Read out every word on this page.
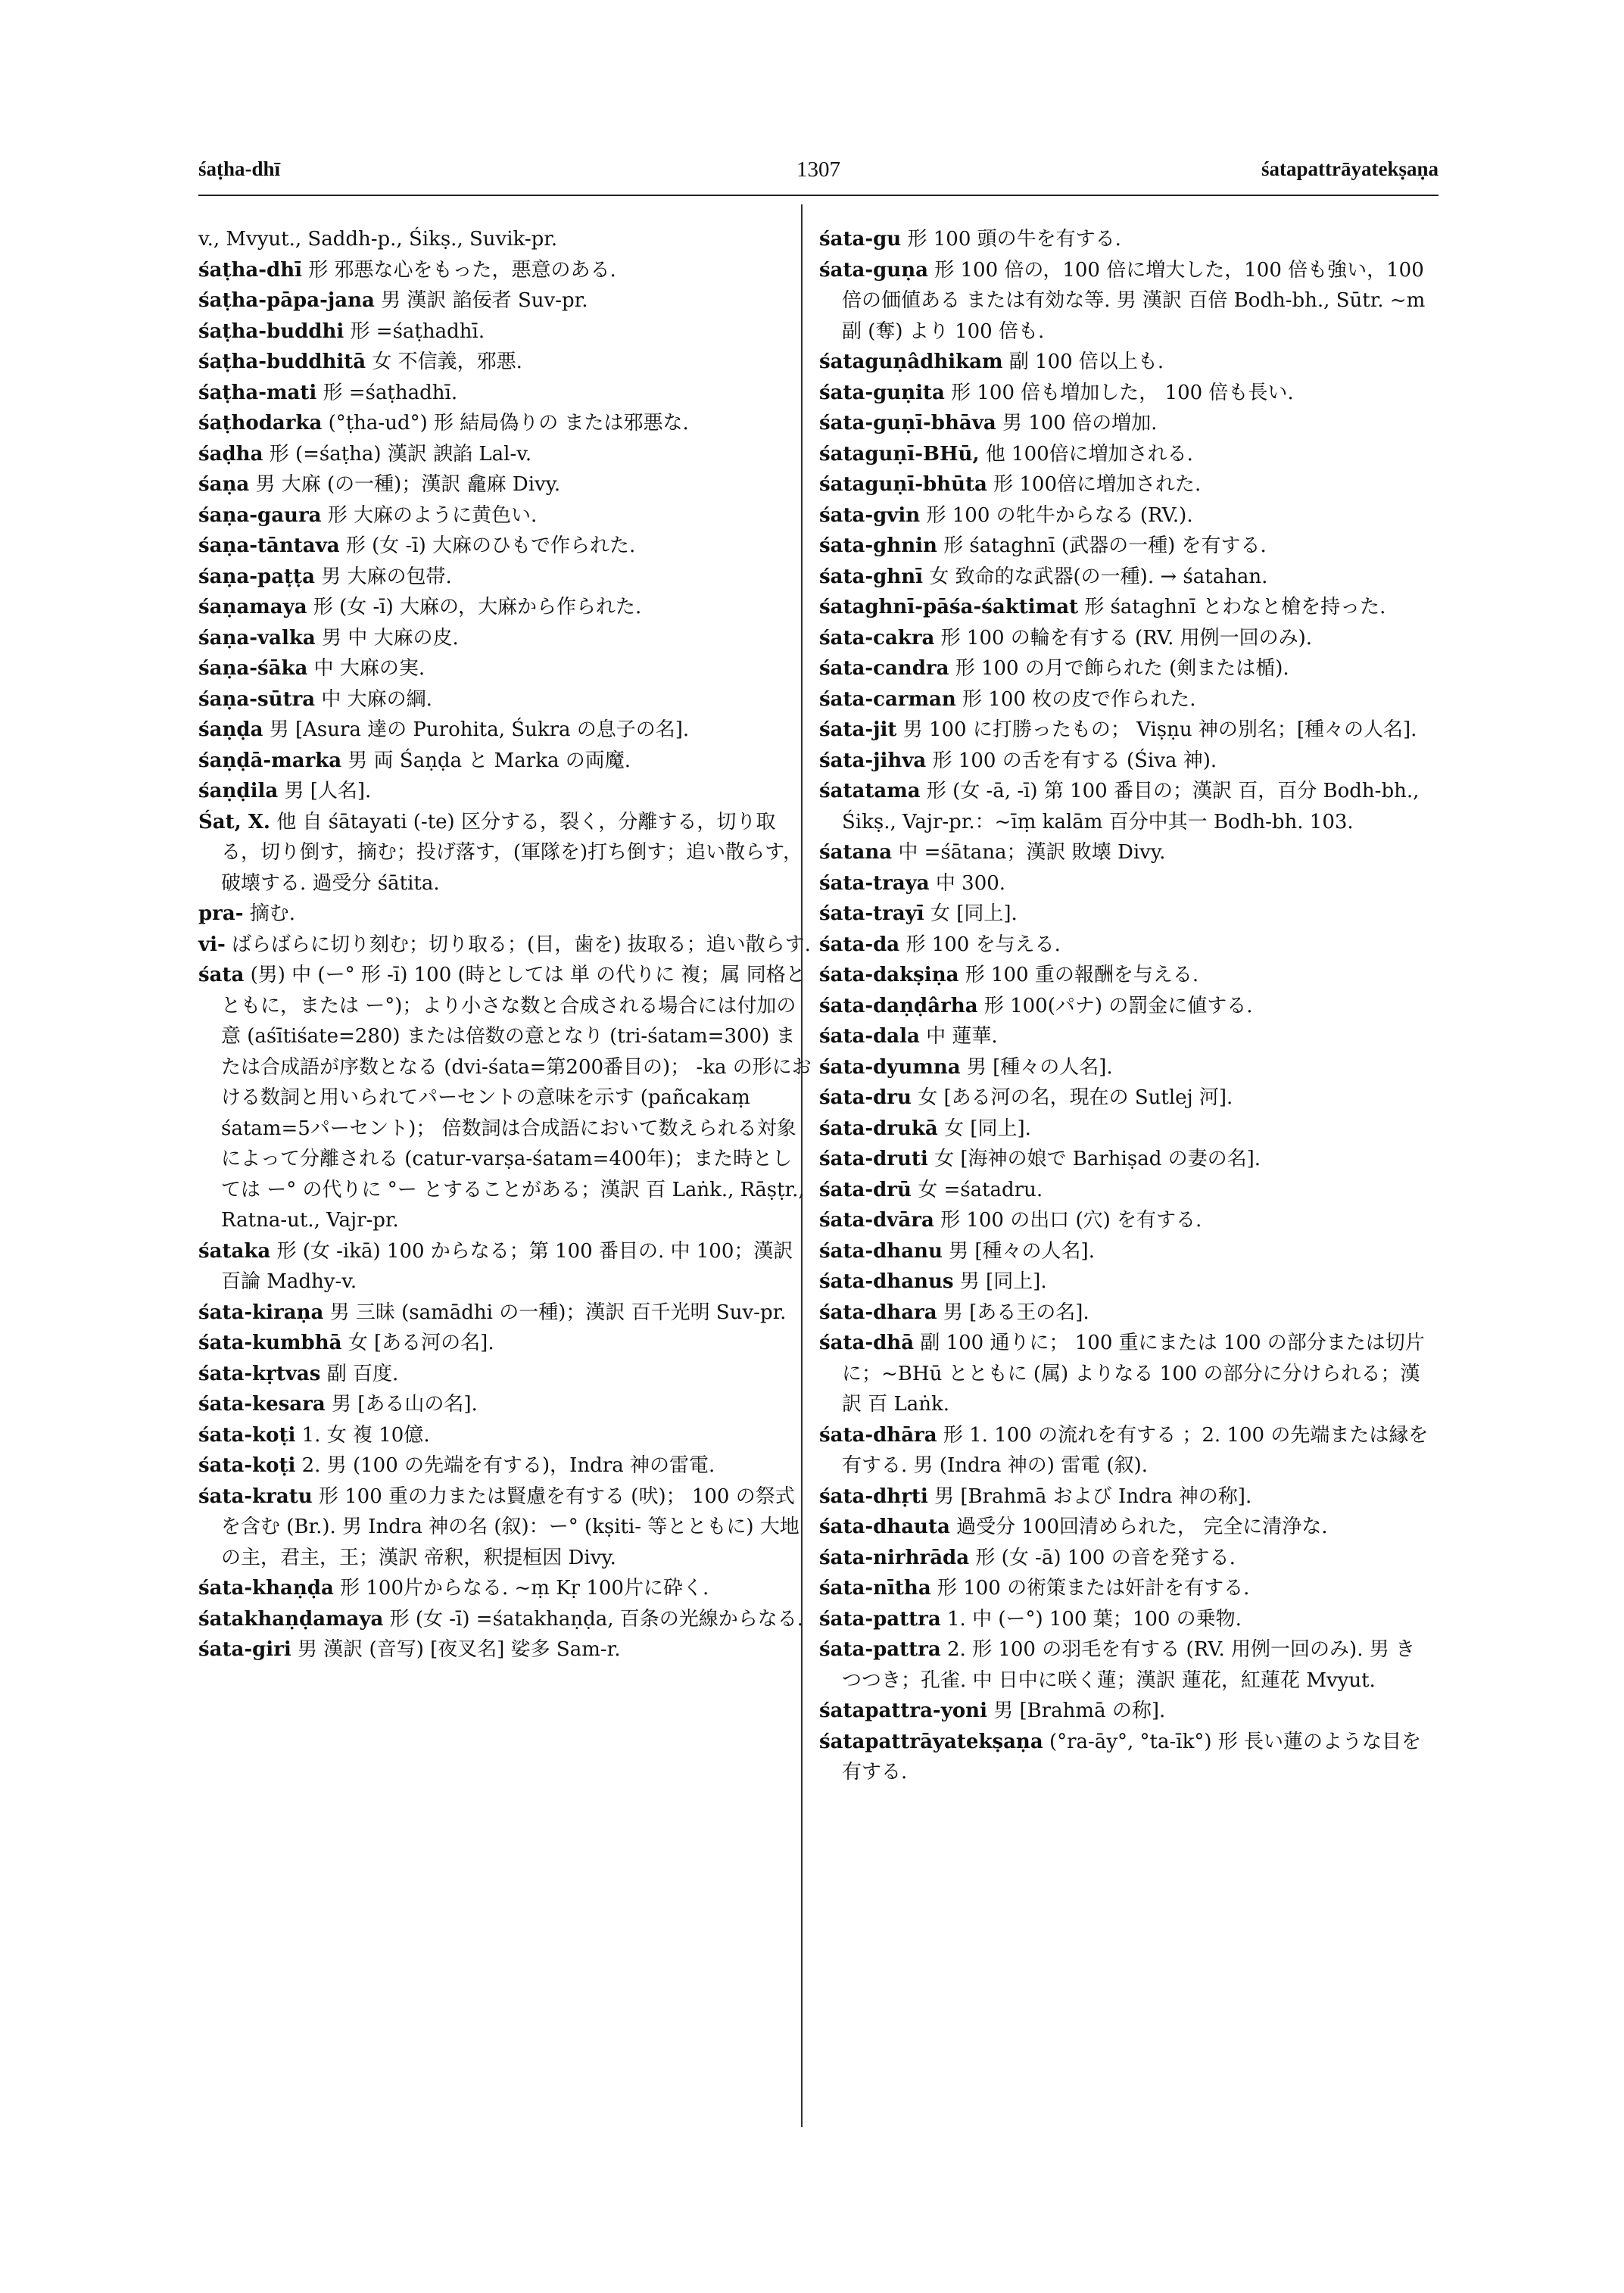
śaṭha-dhī	1307	śatapattrāyatekṣaṇa

v., Mvyut., Saddh-p., Śikṣ., Suvik-pr.

śaṭha-dhī 形 邪悪な心をもった，悪意のある.

śaṭha-pāpa-jana 男 漢訳 諂佞者 Suv-pr.

śaṭha-buddhi 形 =śaṭhadhī.

śaṭha-buddhitā 女 不信義，邪悪.

śaṭha-mati 形 =śaṭhadhī.

śaṭhodarka (°ṭha-ud°) 形 結局偽りの または邪悪な.

śaḍha 形 (=śaṭha) 漢訳 諛諂 Lal-v.

śaṇa 男 大麻 (の一種)；漢訳 龕麻 Divy.

śaṇa-gaura 形 大麻のように黄色い.

śaṇa-tāntava 形 (女 -ī) 大麻のひもで作られた.

śaṇa-paṭṭa 男 大麻の包帯.

śaṇamaya 形 (女 -ī) 大麻の，大麻から作られた.

śaṇa-valka 男 中 大麻の皮.

śaṇa-śāka 中 大麻の実.

śaṇa-sūtra 中 大麻の綱.

śaṇḍa 男 [Asura 達の Purohita, Śukra の息子の名].

śaṇḍā-marka 男 両 Śaṇḍa と Marka の両魔.

śaṇḍila 男 [人名].

Śat, X. 他 自 śātayati (-te) 区分する，裂く，分離する，切り取る，切り倒す，摘む；投げ落す，(軍隊を)打ち倒す；追い散らす，破壊する. 過受分 śātita.

pra- 摘む.

vi- ばらばらに切り刻む；切り取る；(目，歯を) 抜取る；追い散らす.

śata (男) 中 (ー° 形 -ī) 100 (時としては 単 の代りに 複；属 同格とともに，または ー°)；より小さな数と合成される場合には付加の意 (aśītiśate=280) または倍数の意となり (tri-śatam=300) または合成語が序数となる (dvi-śata=第200番目の)； -ka の形における数詞と用いられてパーセントの意味を示す (pañcakaṃ śatam=5パーセント)； 倍数詞は合成語において数えられる対象によって分離される (catur-varṣa-śatam=400年)；また時としては ー° の代りに °ー とすることがある；漢訳 百 Laṅk., Rāṣṭr., Ratna-ut., Vajr-pr.

śataka 形 (女 -ikā) 100 からなる；第 100 番目の. 中 100；漢訳 百論 Madhy-v.

śata-kiraṇa 男 三昧 (samādhi の一種)；漢訳 百千光明 Suv-pr.

śata-kumbhā 女 [ある河の名].

śata-kṛtvas 副 百度.

śata-kesara 男 [ある山の名].

śata-koṭi 1. 女 複 10億.

śata-koṭi 2. 男 (100 の先端を有する)，Indra 神の雷電.

śata-kratu 形 100 重の力または賢慮を有する (吠)； 100 の祭式を含む (Br.). 男 Indra 神の名 (叙)：ー° (kṣiti- 等とともに) 大地の主，君主，王；漢訳 帝釈，釈提桓因 Divy.

śata-khaṇḍa 形 100片からなる. ~ṃ Kṛ 100片に砕く.

śatakhaṇḍamaya 形 (女 -ī) =śatakhaṇḍa, 百条の光線からなる.

śata-giri 男 漢訳 (音写) [夜叉名] 娑多 Sam-r.

śata-gu 形 100 頭の牛を有する.

śata-guṇa 形 100 倍の，100 倍に増大した，100 倍も強い，100 倍の価値ある または有効な等. 男 漢訳 百倍 Bodh-bh., Sūtr. ~m 副 (奪) より 100 倍も.

śataguṇâdhikam 副 100 倍以上も.

śata-guṇita 形 100 倍も増加した， 100 倍も長い.

śata-guṇī-bhāva 男 100 倍の増加.

śataguṇī-BHū, 他 100倍に増加される.

śataguṇī-bhūta 形 100倍に増加された.

śata-gvin 形 100 の牝牛からなる (RV.).

śata-ghnin 形 śataghnī (武器の一種) を有する.

śata-ghnī 女 致命的な武器(の一種). → śatahan.

śataghnī-pāśa-śaktimat 形 śataghnī とわなと槍を持った.

śata-cakra 形 100 の輪を有する (RV. 用例一回のみ).

śata-candra 形 100 の月で飾られた (剣または楯).

śata-carman 形 100 枚の皮で作られた.

śata-jit 男 100 に打勝ったもの； Viṣṇu 神の別名；[種々の人名].

śata-jihva 形 100 の舌を有する (Śiva 神).

śatatama 形 (女 -ā, -ī) 第 100 番目の；漢訳 百，百分 Bodh-bh., Śikṣ., Vajr-pr.：~īṃ kalām 百分中其一 Bodh-bh. 103.

śatana 中 =śātana；漢訳 敗壊 Divy.

śata-traya 中 300.

śata-trayī 女 [同上].

śata-da 形 100 を与える.

śata-dakṣiṇa 形 100 重の報酬を与える.

śata-daṇḍârha 形 100(パナ) の罰金に値する.

śata-dala 中 蓮華.

śata-dyumna 男 [種々の人名].

śata-dru 女 [ある河の名，現在の Sutlej 河].

śata-drukā 女 [同上].

śata-druti 女 [海神の娘で Barhiṣad の妻の名].

śata-drū 女 =śatadru.

śata-dvāra 形 100 の出口 (穴) を有する.

śata-dhanu 男 [種々の人名].

śata-dhanus 男 [同上].

śata-dhara 男 [ある王の名].

śata-dhā 副 100 通りに； 100 重にまたは 100 の部分または切片に；~BHū とともに (属) よりなる 100 の部分に分けられる；漢訳 百 Laṅk.

śata-dhāra 形 1. 100 の流れを有する ；2. 100 の先端または縁を有する. 男 (Indra 神の) 雷電 (叙).

śata-dhṛti 男 [Brahmā および Indra 神の称].

śata-dhauta 過受分 100回清められた， 完全に清浄な.

śata-nirhrāda 形 (女 -ā) 100 の音を発する.

śata-nītha 形 100 の術策または奸計を有する.

śata-pattra 1. 中 (ー°) 100 葉；100 の乗物.

śata-pattra 2. 形 100 の羽毛を有する (RV. 用例一回のみ). 男 きつつき；孔雀. 中 日中に咲く蓮；漢訳 蓮花，紅蓮花 Mvyut.

śatapattra-yoni 男 [Brahmā の称].

śatapattrāyatekṣaṇa (°ra-āy°, °ta-īk°) 形 長い蓮のような目を有する.
